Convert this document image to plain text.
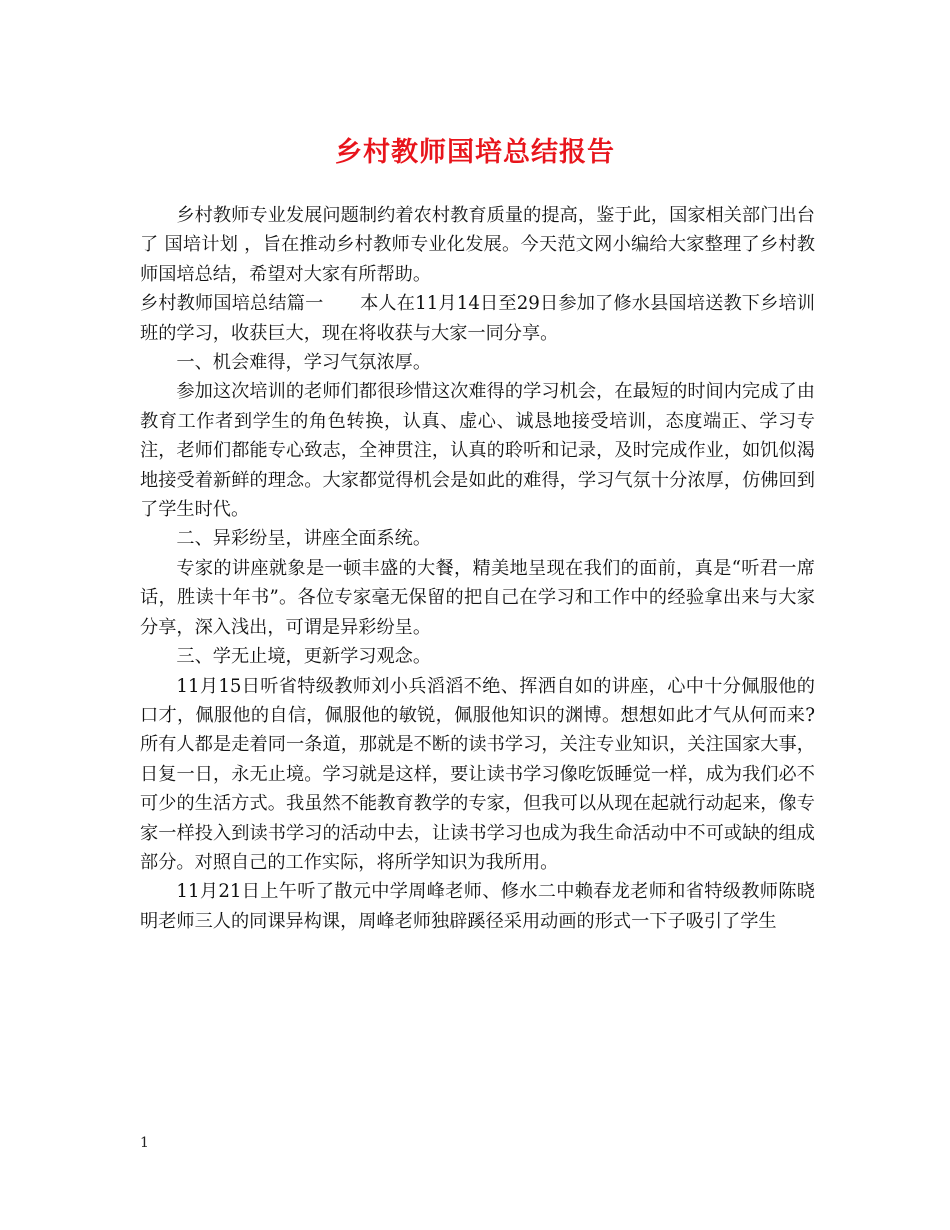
乡村教师国培总结报告

乡村教师专业发展问题制约着农村教育质量的提高，鉴于此，国家相关部门出台了 国培计划 ，旨在推动乡村教师专业化发展。今天范文网小编给大家整理了乡村教师国培总结，希望对大家有所帮助。

乡村教师国培总结篇一　　本人在11月14日至29日参加了修水县国培送教下乡培训班的学习，收获巨大，现在将收获与大家一同分享。

一、机会难得，学习气氛浓厚。

参加这次培训的老师们都很珍惜这次难得的学习机会，在最短的时间内完成了由教育工作者到学生的角色转换，认真、虚心、诚恳地接受培训，态度端正、学习专注，老师们都能专心致志，全神贯注，认真的聆听和记录，及时完成作业，如饥似渴地接受着新鲜的理念。大家都觉得机会是如此的难得，学习气氛十分浓厚，仿佛回到了学生时代。

二、异彩纷呈，讲座全面系统。

专家的讲座就象是一顿丰盛的大餐，精美地呈现在我们的面前，真是“听君一席话，胜读十年书”。各位专家毫无保留的把自己在学习和工作中的经验拿出来与大家分享，深入浅出，可谓是异彩纷呈。

三、学无止境，更新学习观念。

11月15日听省特级教师刘小兵滔滔不绝、挥洒自如的讲座，心中十分佩服他的口才，佩服他的自信，佩服他的敏锐，佩服他知识的渊博。想想如此才气从何而来?所有人都是走着同一条道，那就是不断的读书学习，关注专业知识，关注国家大事，日复一日，永无止境。学习就是这样，要让读书学习像吃饭睡觉一样，成为我们必不可少的生活方式。我虽然不能教育教学的专家，但我可以从现在起就行动起来，像专家一样投入到读书学习的活动中去，让读书学习也成为我生命活动中不可或缺的组成部分。对照自己的工作实际，将所学知识为我所用。

11月21日上午听了散元中学周峰老师、修水二中赖春龙老师和省特级教师陈晓明老师三人的同课异构课，周峰老师独辟蹊径采用动画的形式一下子吸引了学生

1
